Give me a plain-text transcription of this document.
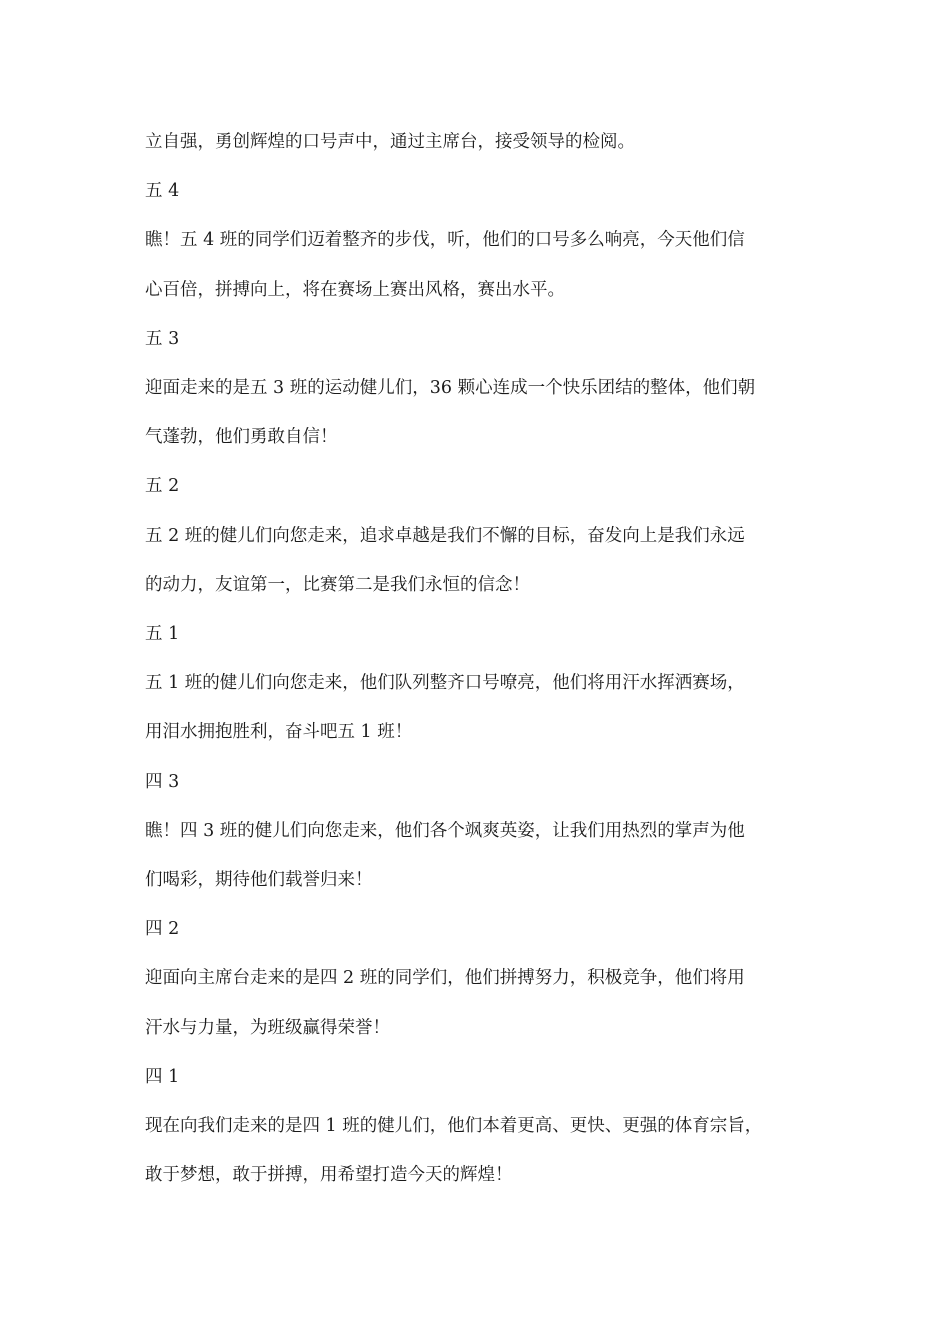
立自强，勇创辉煌的口号声中，通过主席台，接受领导的检阅。

五 4

瞧！五 4 班的同学们迈着整齐的步伐，听，他们的口号多么响亮，今天他们信

心百倍，拼搏向上，将在赛场上赛出风格，赛出水平。

五 3

迎面走来的是五 3 班的运动健儿们，36 颗心连成一个快乐团结的整体，他们朝

气蓬勃，他们勇敢自信！

五 2

五 2 班的健儿们向您走来，追求卓越是我们不懈的目标，奋发向上是我们永远

的动力，友谊第一，比赛第二是我们永恒的信念！

五 1

五 1 班的健儿们向您走来，他们队列整齐口号嘹亮，他们将用汗水挥洒赛场，

用泪水拥抱胜利，奋斗吧五 1 班！

四 3

瞧！四 3 班的健儿们向您走来，他们各个飒爽英姿，让我们用热烈的掌声为他

们喝彩，期待他们载誉归来！

四 2

迎面向主席台走来的是四 2 班的同学们，他们拼搏努力，积极竞争，他们将用

汗水与力量，为班级赢得荣誉！

四 1

现在向我们走来的是四 1 班的健儿们，他们本着更高、更快、更强的体育宗旨，

敢于梦想，敢于拼搏，用希望打造今天的辉煌！
